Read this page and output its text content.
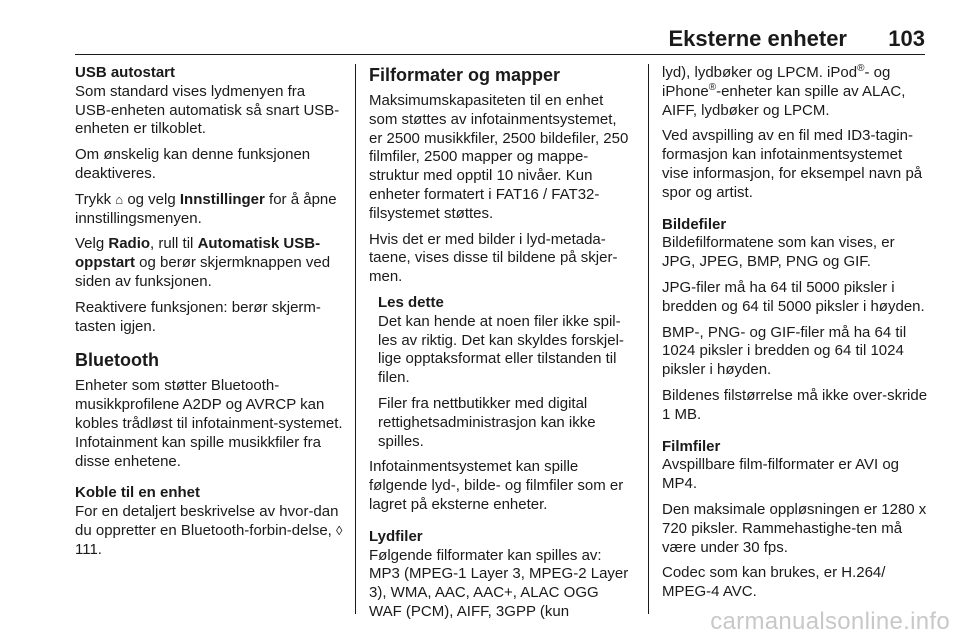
Eksterne enheter 103
USB autostart

Som standard vises lydmenyen fra USB-enheten automatisk så snart USB-enheten er tilkoblet.

Om ønskelig kan denne funksjonen deaktiveres.

Trykk ⌂ og velg Innstillinger for å åpne innstillingsmenyen.

Velg Radio, rull til Automatisk USB-oppstart og berør skjermknappen ved siden av funksjonen.

Reaktivere funksjonen: berør skjerm-tasten igjen.

Bluetooth

Enheter som støtter Bluetooth-musikkprofilene A2DP og AVRCP kan kobles trådløst til infotainment-systemet. Infotainment kan spille musikkfiler fra disse enhetene.

Koble til en enhet

For en detaljert beskrivelse av hvor-dan du oppretter en Bluetooth-forbin-delse, ◊ 111.

Filformater og mapper

Maksimumskapasiteten til en enhet som støttes av infotainmentsystemet, er 2500 musikkfiler, 2500 bildefiler, 250 filmfiler, 2500 mapper og mappe-struktur med opptil 10 nivåer. Kun enheter formatert i FAT16 / FAT32-filsystemet støttes.

Hvis det er med bilder i lyd-metada-taene, vises disse til bildene på skjer-men.

Les dette

Det kan hende at noen filer ikke spil-les av riktig. Det kan skyldes forskjel-lige opptaksformat eller tilstanden til filen.

Filer fra nettbutikker med digital rettighetsadministrasjon kan ikke spilles.

Infotainmentsystemet kan spille følgende lyd-, bilde- og filmfiler som er lagret på eksterne enheter.

Lydfiler

Følgende filformater kan spilles av: MP3 (MPEG-1 Layer 3, MPEG-2 Layer 3), WMA, AAC, AAC+, ALAC OGG WAF (PCM), AIFF, 3GPP (kun

lyd), lydbøker og LPCM. iPod®- og iPhone®-enheter kan spille av ALAC, AIFF, lydbøker og LPCM.

Ved avspilling av en fil med ID3-tagin-formasjon kan infotainmentsystemet vise informasjon, for eksempel navn på spor og artist.

Bildefiler

Bildefilformatene som kan vises, er JPG, JPEG, BMP, PNG og GIF.

JPG-filer må ha 64 til 5000 piksler i bredden og 64 til 5000 piksler i høyden.

BMP-, PNG- og GIF-filer må ha 64 til 1024 piksler i bredden og 64 til 1024 piksler i høyden.

Bildenes filstørrelse må ikke over-skride 1 MB.

Filmfiler

Avspillbare film-filformater er AVI og MP4.

Den maksimale oppløsningen er 1280 x 720 piksler. Rammehastighe-ten må være under 30 fps.

Codec som kan brukes, er H.264/ MPEG-4 AVC.

carmanualsonline.info
